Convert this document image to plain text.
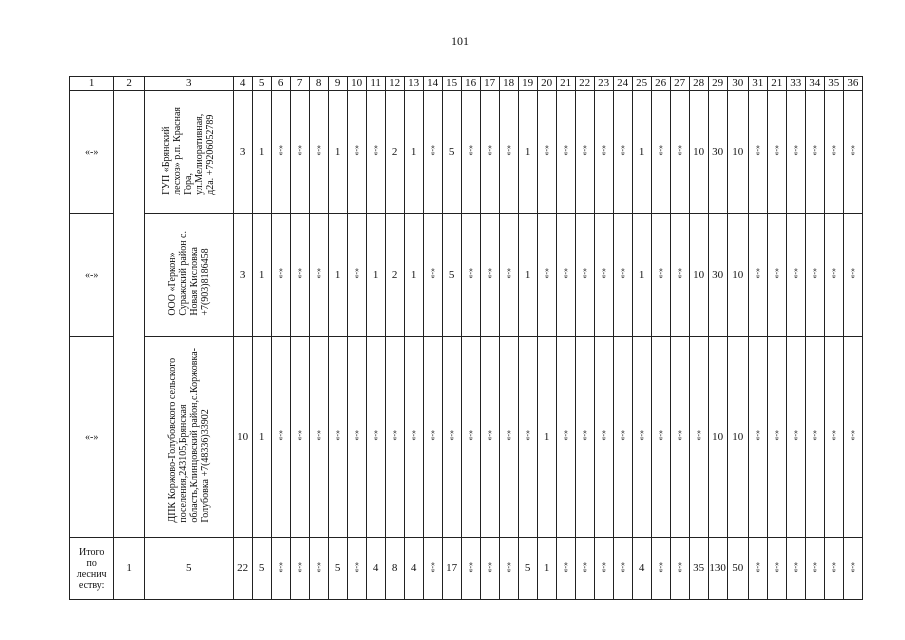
101
1	2	3	4	5	6	7	8	9	10	11	12	13	14	15	16	17	18	19	20	21	22	23	24	25	26	27	28	29	30	31	21	33	34	35	36
«-»		ГУП «Брянский
лесхоз» р.п. Красная
Гора,
ул.Мелиоративная,
д2а. +79206052789	3	1	«-»	«-»	«-»	1	«-»	«-»	2	1	«-»	5	«-»	«-»	«-»	1	«-»	«-»	«-»	«-»	«-»	1	«-»	«-»	10	30	10	«-»	«-»	«-»	«-»	«-»	«-»
«-»		ООО «Геркон»
Суражский район с.
Новая Кисловка
+7(903)8186458	3	1	«-»	«-»	«-»	1	«-»	1	2	1	«-»	5	«-»	«-»	«-»	1	«-»	«-»	«-»	«-»	«-»	1	«-»	«-»	10	30	10	«-»	«-»	«-»	«-»	«-»	«-»
«-»		ДПК Коржово-Голубовского сельского
поселения,243105,Брянская
область,Клинцовский район,с.Коржовка-
Голубовка +7(48336)33902	10	1	«-»	«-»	«-»	«-»	«-»	«-»	«-»	«-»	«-»	«-»	«-»	«-»	«-»	«-»	1	«-»	«-»	«-»	«-»	«-»	«-»	«-»	«-»	10	10	«-»	«-»	«-»	«-»	«-»	«-»
Итого
по
леснич
еству:	1	5	22	5	«-»	«-»	«-»	5	«-»	4	8	4	«-»	17	«-»	«-»	«-»	5	1	«-»	«-»	«-»	«-»	4	«-»	«-»	35	130	50	«-»	«-»	«-»	«-»	«-»	«-»
